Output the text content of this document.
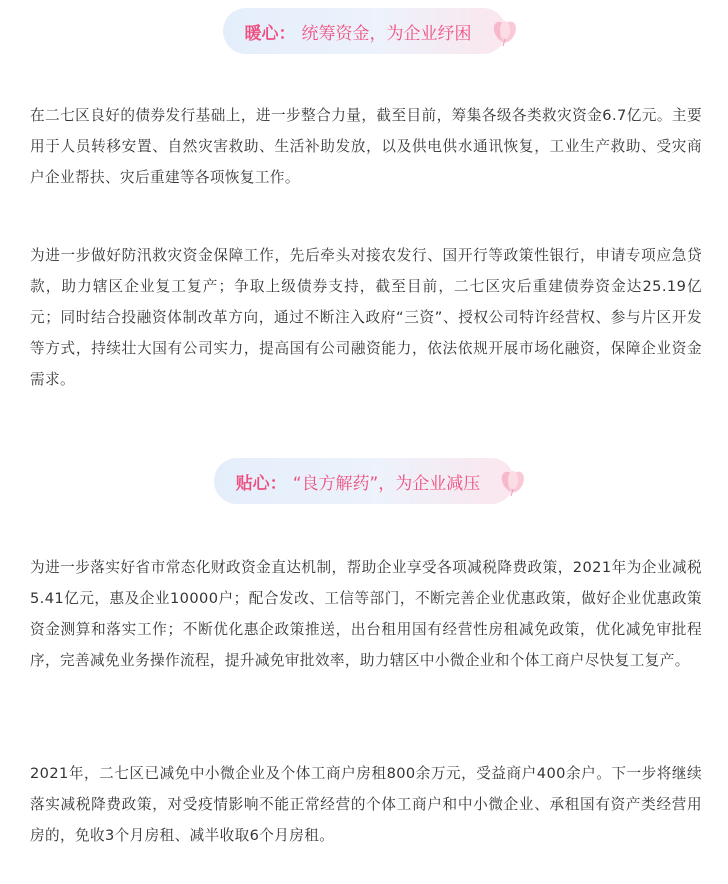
暖心： 统筹资金，为企业纾困

在二七区良好的债券发行基础上，进一步整合力量，截至目前，筹集各级各类救灾资金6.7亿元。主要用于人员转移安置、自然灾害救助、生活补助发放，以及供电供水通讯恢复，工业生产救助、受灾商户企业帮扶、灾后重建等各项恢复工作。

为进一步做好防汛救灾资金保障工作，先后牵头对接农发行、国开行等政策性银行，申请专项应急贷款，助力辖区企业复工复产；争取上级债券支持，截至目前，二七区灾后重建债券资金达25.19亿元；同时结合投融资体制改革方向，通过不断注入政府“三资”、授权公司特许经营权、参与片区开发等方式，持续壮大国有公司实力，提高国有公司融资能力，依法依规开展市场化融资，保障企业资金需求。

贴心： “良方解药”，为企业减压

为进一步落实好省市常态化财政资金直达机制，帮助企业享受各项减税降费政策，2021年为企业减税5.41亿元，惠及企业10000户；配合发改、工信等部门，不断完善企业优惠政策，做好企业优惠政策资金测算和落实工作；不断优化惠企政策推送，出台租用国有经营性房租减免政策，优化减免审批程序，完善减免业务操作流程，提升减免审批效率，助力辖区中小微企业和个体工商户尽快复工复产。

2021年，二七区已减免中小微企业及个体工商户房租800余万元，受益商户400余户。下一步将继续落实减税降费政策，对受疫情影响不能正常经营的个体工商户和中小微企业、承租国有资产类经营用房的，免收3个月房租、减半收取6个月房租。
